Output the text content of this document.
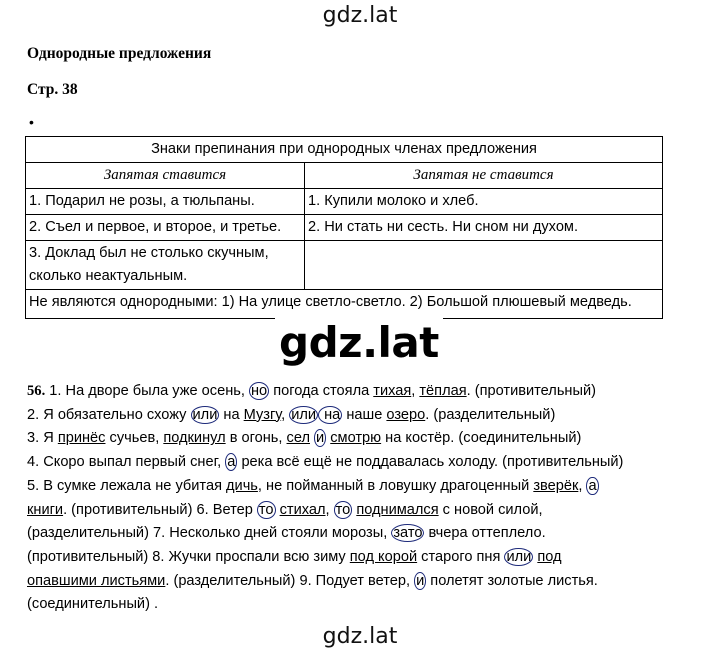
gdz.lat
Однородные предложения
Стр. 38
•
Знаки препинания при однородных членах предложения	
Запятая ставится	Запятая не ставится
1. Подарил не розы, а тюльпаны.	1. Купили молоко и хлеб.
2. Съел и первое, и второе, и третье.	2. Ни стать ни сесть. Ни сном ни духом.
3. Доклад был не столько скучным, сколько неактуальным.	
Не являются однородными: 1) На улице светло-светло. 2) Большой плюшевый медведь.	
gdz.lat

56. 1. На дворе была уже осень, но погода стояла тихая, тёплая. (противительный)

2. Я обязательно схожу или на Музгу, или на наше озеро. (разделительный)

3. Я принёс сучьев, подкинул в огонь, сел и смотрю на костёр. (соединительный)

4. Скоро выпал первый снег, а река всё ещё не поддавалась холоду. (противительный)

5. В сумке лежала не убитая дичь, не пойманный в ловушку драгоценный зверёк, а

книги. (противительный) 6. Ветер то стихал, то поднимался с новой силой,

(разделительный) 7. Несколько дней стояли морозы, зато вчера оттеплело.

(противительный) 8. Жучки проспали всю зиму под корой старого пня или под

опавшими листьями. (разделительный) 9. Подует ветер, и полетят золотые листья.

(соединительный) .

gdz.lat
